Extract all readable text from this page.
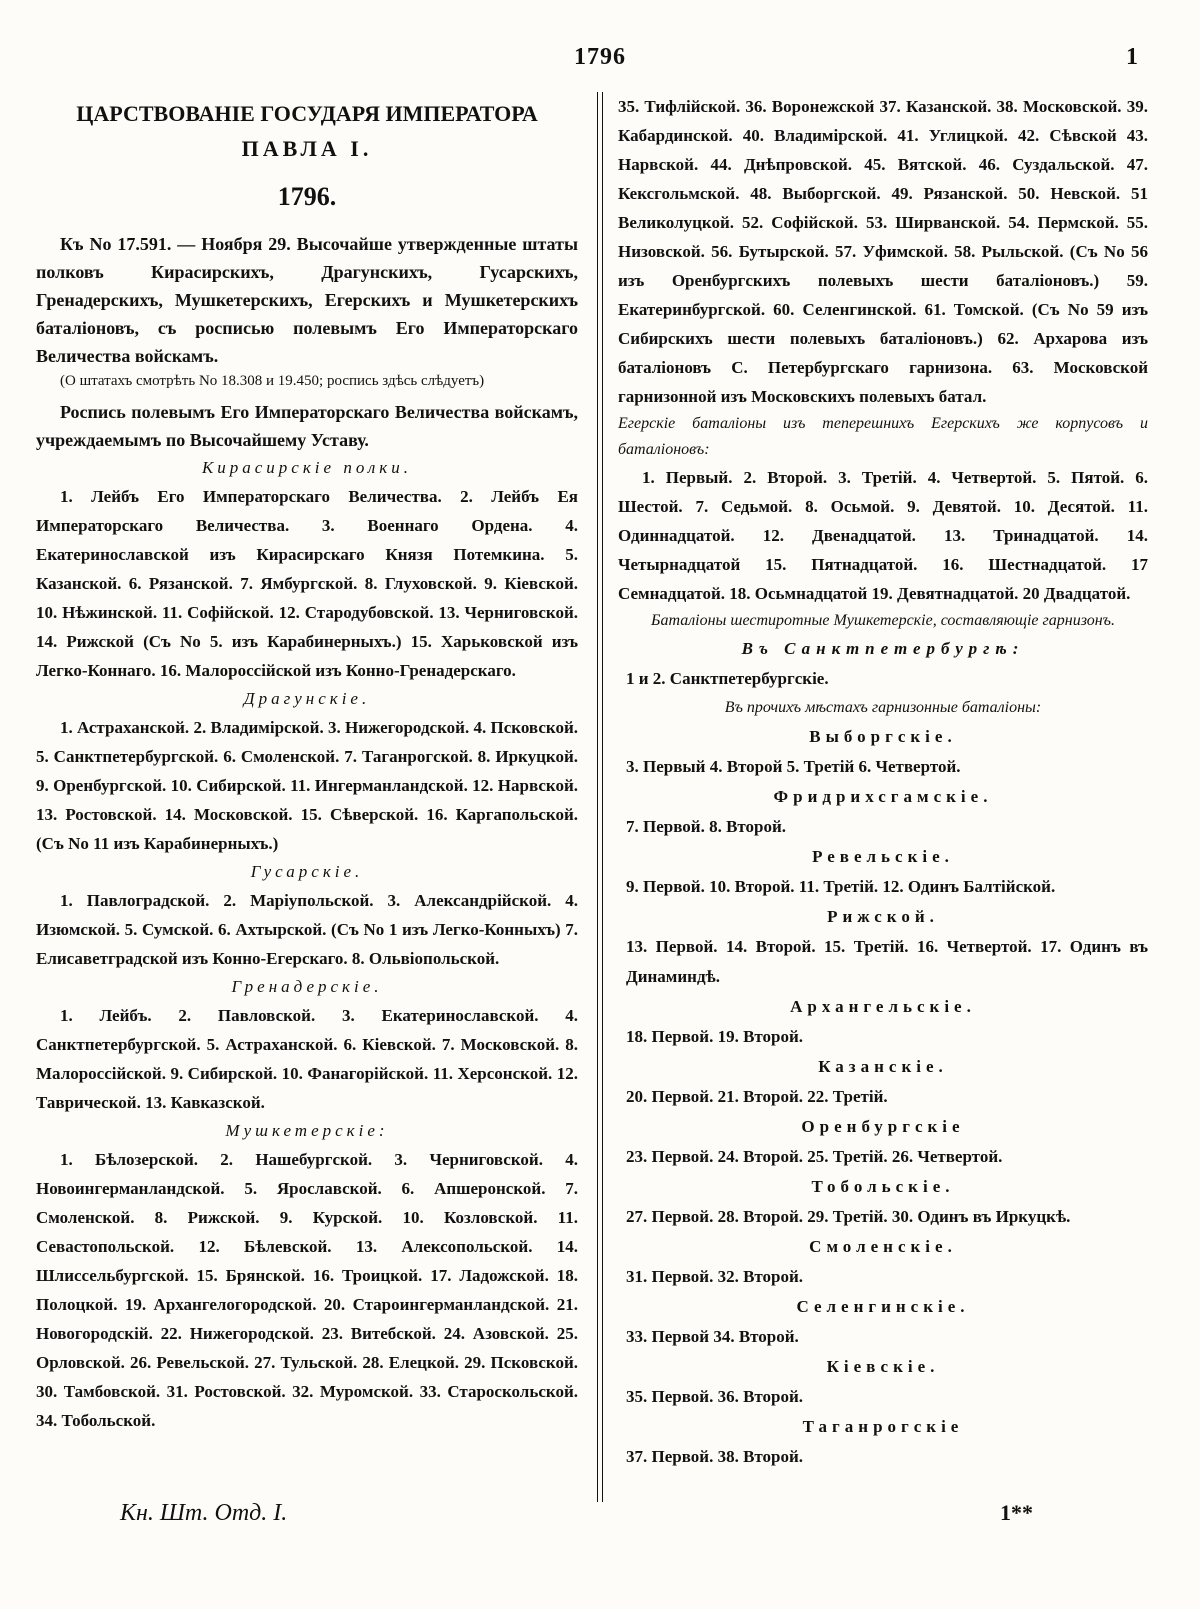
1796	1

ЦАРСТВОВАНІЕ ГОСУДАРЯ ИМПЕРАТОРА

ПАВЛА І.

1796.

Къ No 17.591. — Ноября 29. Высочайше утвержденные штаты полковъ Кирасирскихъ, Драгунскихъ, Гусарскихъ, Гренадерскихъ, Мушкетерскихъ, Егерскихъ и Мушкетерскихъ баталіоновъ, съ росписью полевымъ Его Императорскаго Величества войскамъ.

(О штатахъ смотрѣть No 18.308 и 19.450; роспись здѣсь слѣдуетъ)

Роспись полевымъ Его Императорскаго Величества войскамъ, учреждаемымъ по Высочайшему Уставу.

Кирасирскіе полки.

1. Лейбъ Его Императорскаго Величества. 2. Лейбъ Ея Императорскаго Величества. 3. Военнаго Ордена. 4. Екатеринославской изъ Кирасирскаго Князя Потемкина. 5. Казанской. 6. Рязанской. 7. Ямбургской. 8. Глуховской. 9. Кіевской. 10. Нѣжинской. 11. Софійской. 12. Стародубовской. 13. Черниговской. 14. Рижской (Съ No 5. изъ Карабинерныхъ.) 15. Харьковской изъ Легко-Коннаго. 16. Малороссійской изъ Конно-Гренадерскаго.

Драгунскіе.

1. Астраханской. 2. Владимірской. 3. Нижегородской. 4. Псковской. 5. Санктпетербургской. 6. Смоленской. 7. Таганрогской. 8. Иркуцкой. 9. Оренбургской. 10. Сибирской. 11. Ингерманландской. 12. Нарвской. 13. Ростовской. 14. Московской. 15. Сѣверской. 16. Каргапольской. (Съ No 11 изъ Карабинерныхъ.)

Гусарскіе.

1. Павлоградской. 2. Маріупольской. 3. Александрійской. 4. Изюмской. 5. Сумской. 6. Ахтырской. (Съ No 1 изъ Легко-Конныхъ) 7. Елисаветградской изъ Конно-Егерскаго. 8. Ольвіопольской.

Гренадерскіе.

1. Лейбъ. 2. Павловской. 3. Екатеринославской. 4. Санктпетербургской. 5. Астраханской. 6. Кіевской. 7. Московской. 8. Малороссійской. 9. Сибирской. 10. Фанагорійской. 11. Херсонской. 12. Таврической. 13. Кавказской.

Мушкетерскіе:

1. Бѣлозерской. 2. Нашебургской. 3. Черниговской. 4. Новоингерманландской. 5. Ярославской. 6. Апшеронской. 7. Смоленской. 8. Рижской. 9. Курской. 10. Козловской. 11. Севастопольской. 12. Бѣлевской. 13. Алексопольской. 14. Шлиссельбургской. 15. Брянской. 16. Троицкой. 17. Ладожской. 18. Полоцкой. 19. Архангелогородской. 20. Староингерманландской. 21. Новогородскій. 22. Нижегородской. 23. Витебской. 24. Азовской. 25. Орловской. 26. Ревельской. 27. Тульской. 28. Елецкой. 29. Псковской. 30. Тамбовской. 31. Ростовской. 32. Муромской. 33. Староскольской. 34. Тобольской.

35. Тифлійской. 36. Воронежской 37. Казанской. 38. Московской. 39. Кабардинской. 40. Владимірской. 41. Углицкой. 42. Сѣвской 43. Нарвской. 44. Днѣпровской. 45. Вятской. 46. Суздальской. 47. Кексгольмской. 48. Выборгской. 49. Рязанской. 50. Невской. 51 Великолуцкой. 52. Софійской. 53. Ширванской. 54. Пермской. 55. Низовской. 56. Бутырской. 57. Уфимской. 58. Рыльской. (Съ No 56 изъ Оренбургскихъ полевыхъ шести баталіоновъ.) 59. Екатеринбургской. 60. Селенгинской. 61. Томской. (Съ No 59 изъ Сибирскихъ шести полевыхъ баталіоновъ.) 62. Архарова изъ баталіоновъ С. Петербургскаго гарнизона. 63. Московской гарнизонной изъ Московскихъ полевыхъ батал.

Егерскіе баталіоны изъ теперешнихъ Егерскихъ же корпусовъ и баталіоновъ:

1. Первый. 2. Второй. 3. Третій. 4. Четвертой. 5. Пятой. 6. Шестой. 7. Седьмой. 8. Осьмой. 9. Девятой. 10. Десятой. 11. Одиннадцатой. 12. Двенадцатой. 13. Тринадцатой. 14. Четырнадцатой 15. Пятнадцатой. 16. Шестнадцатой. 17 Семнадцатой. 18. Осьмнадцатой 19. Девятнадцатой. 20 Двадцатой.

Баталіоны шестиротные Мушкетерскіе, составляющіе гарнизонъ.

Въ Санктпетербургѣ:

1 и 2. Санктпетербургскіе.

Въ прочихъ мѣстахъ гарнизонные баталіоны:

Выборгскіе.

3. Первый 4. Второй 5. Третій 6. Четвертой.

Фридрихсгамскіе.

7. Первой. 8. Второй.

Ревельскіе.

9. Первой. 10. Второй. 11. Третій. 12. Одинъ Балтійской.

Рижской.

13. Первой. 14. Второй. 15. Третій. 16. Четвертой. 17. Одинъ въ Динаминдѣ.

Архангельскіе.

18. Первой. 19. Второй.

Казанскіе.

20. Первой. 21. Второй. 22. Третій.

Оренбургскіе

23. Первой. 24. Второй. 25. Третій. 26. Четвертой.

Тобольскіе.

27. Первой. 28. Второй. 29. Третій. 30. Одинъ въ Иркуцкѣ.

Смоленскіе.

31. Первой. 32. Второй.

Селенгинскіе.

33. Первой 34. Второй.

Кіевскіе.

35. Первой. 36. Второй.

Таганрогскіе

37. Первой. 38. Второй.

Кн. Шт. Отд. I.	1**
